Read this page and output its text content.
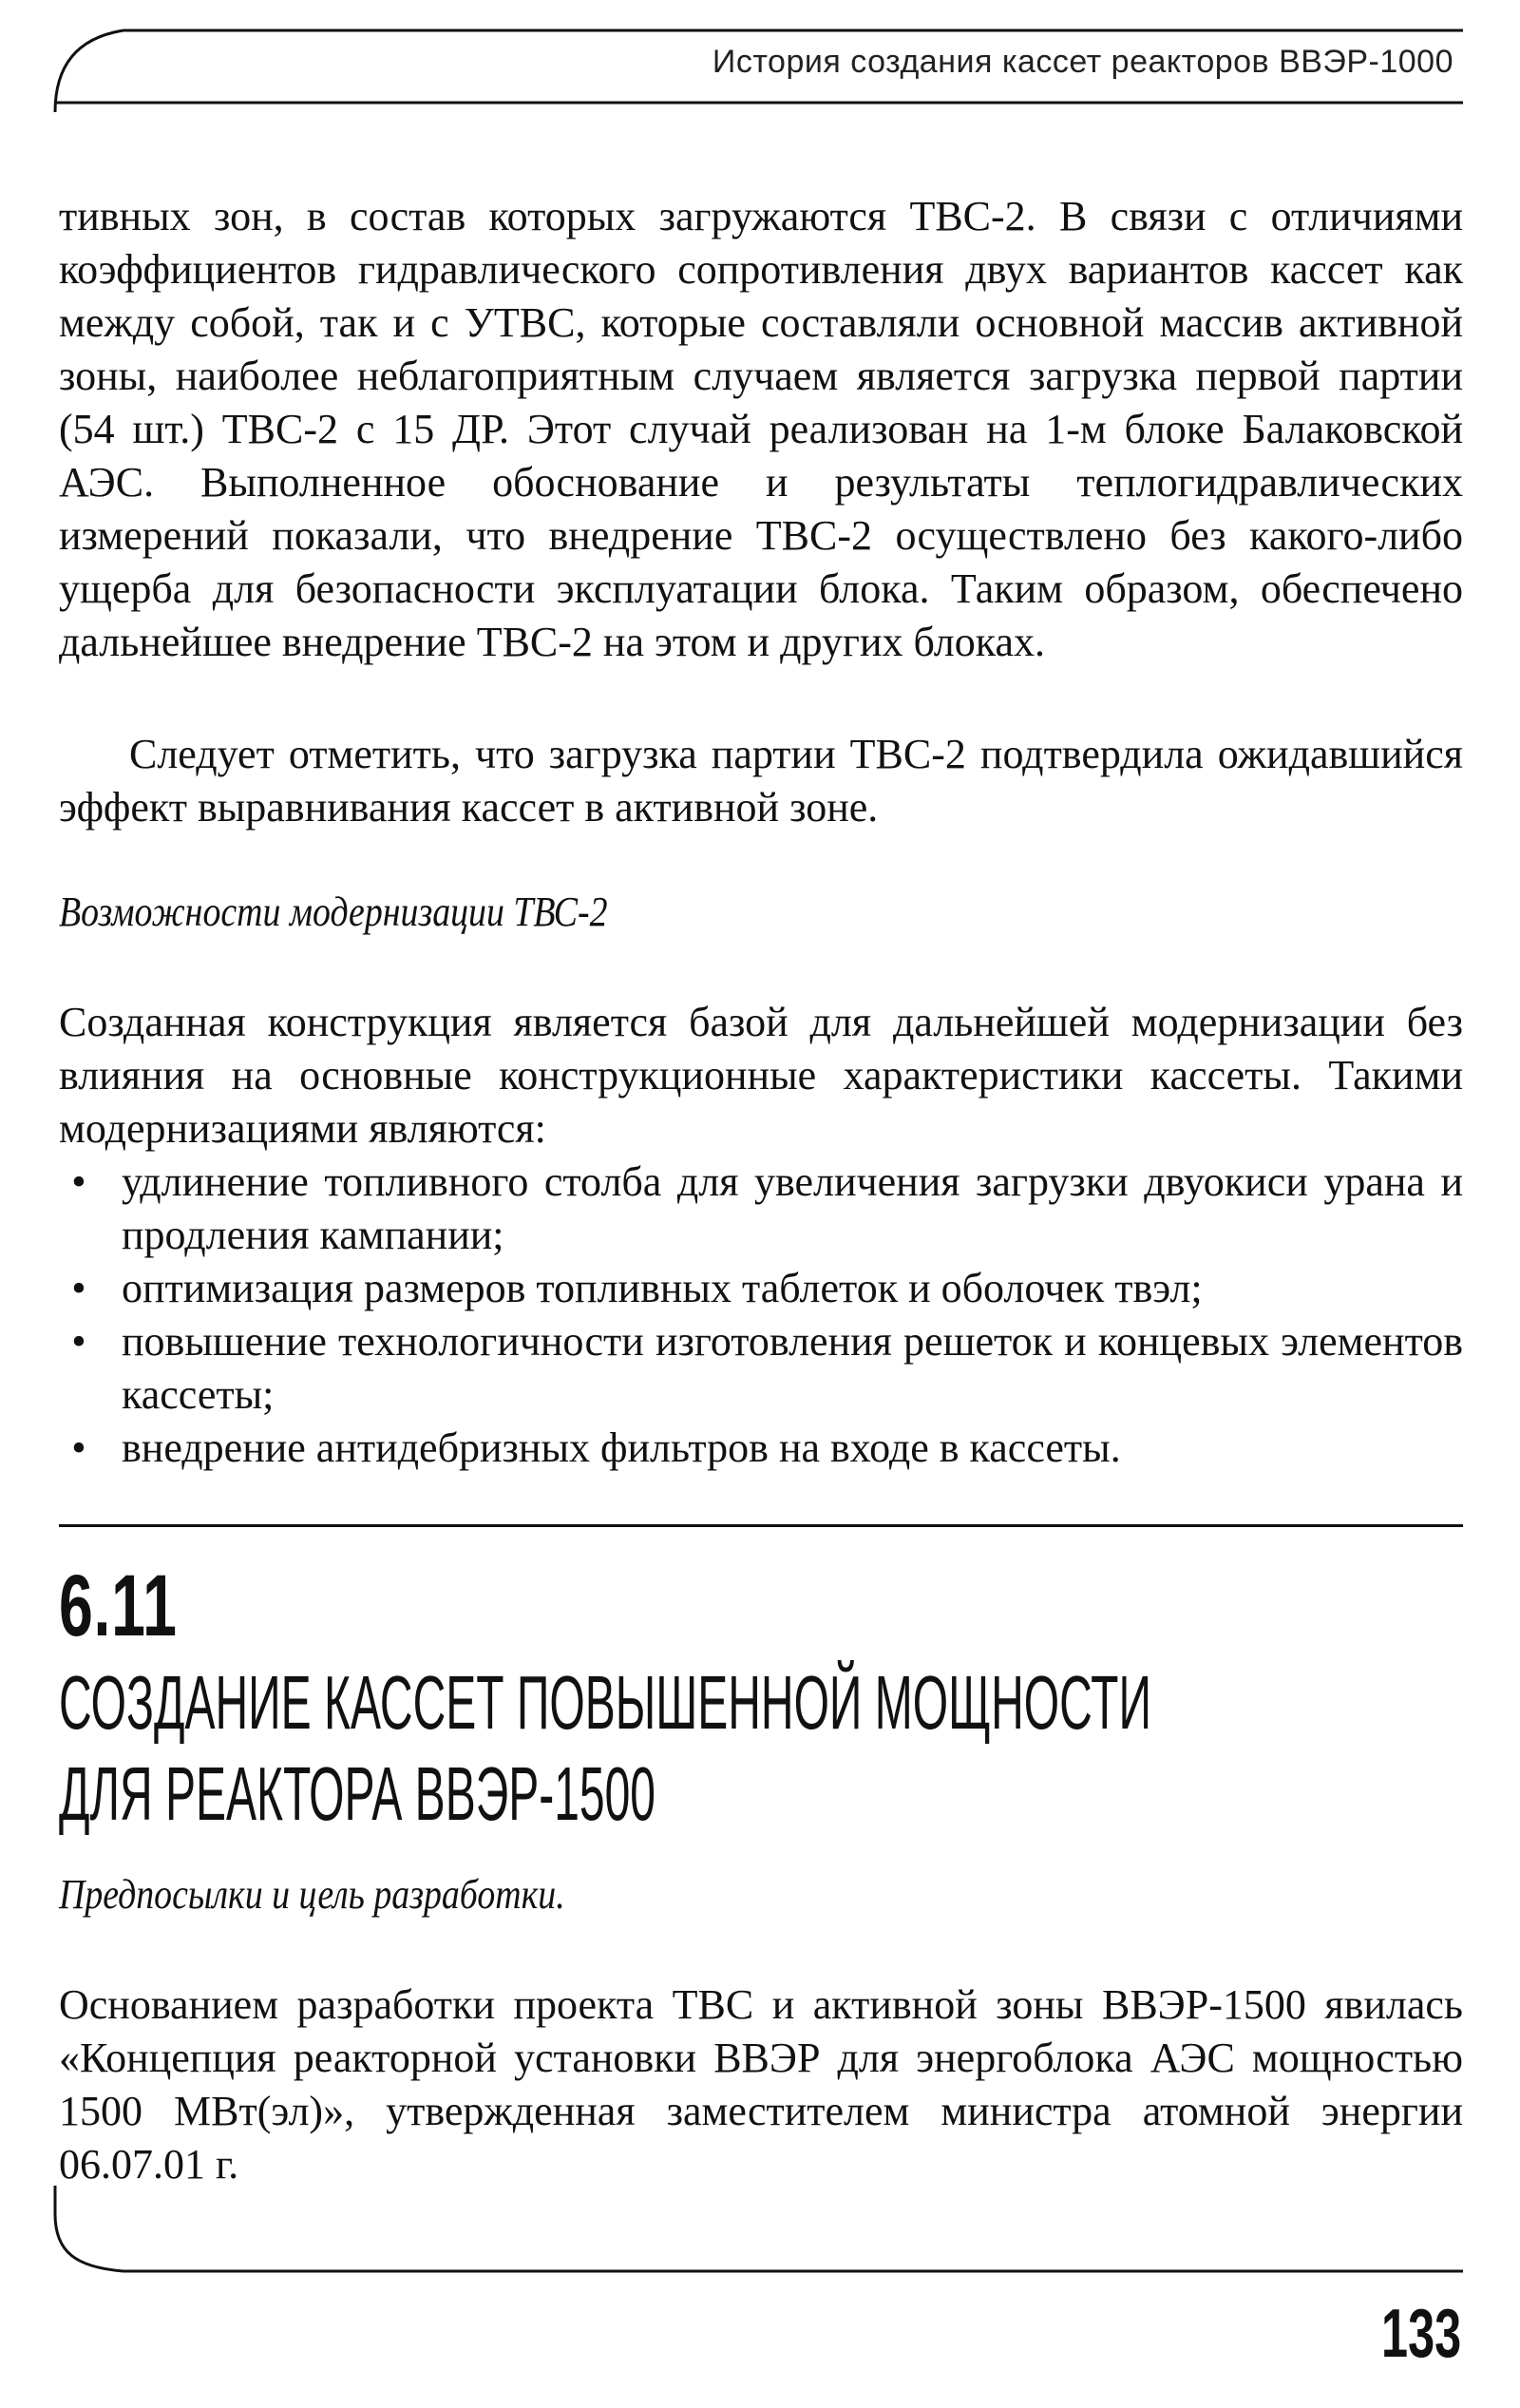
История создания кассет реакторов ВВЭР-1000

тивных зон, в состав которых загружаются ТВС-2. В связи с отличиями коэффициентов гидравлического сопротивления двух вариантов кассет как между собой, так и с УТВС, которые составляли основной массив активной зоны, наиболее неблагоприятным случаем является загрузка первой партии (54 шт.) ТВС-2 с 15 ДР. Этот случай реализован на 1-м блоке Балаковской АЭС. Выполненное обоснование и результаты теплогидравлических измерений показали, что внедрение ТВС-2 осуществлено без какого-либо ущерба для безопасности эксплуатации блока. Таким образом, обеспечено дальнейшее внедрение ТВС-2 на этом и других блоках.

Следует отметить, что загрузка партии ТВС-2 подтвердила ожидавшийся эффект выравнивания кассет в активной зоне.

Возможности модернизации ТВС-2

Созданная конструкция является базой для дальнейшей модернизации без влияния на основные конструкционные характеристики кассеты. Такими модернизациями являются:

• удлинение топливного столба для увеличения загрузки двуокиси урана и продления кампании;
• оптимизация размеров топливных таблеток и оболочек твэл;
• повышение технологичности изготовления решеток и концевых элементов кассеты;
• внедрение антидебризных фильтров на входе в кассеты.
6.11
СОЗДАНИЕ КАССЕТ ПОВЫШЕННОЙ МОЩНОСТИ
ДЛЯ РЕАКТОРА ВВЭР-1500

Предпосылки и цель разработки.

Основанием разработки проекта ТВС и активной зоны ВВЭР-1500 явилась «Концепция реакторной установки ВВЭР для энергоблока АЭС мощностью 1500 МВт(эл)», утвержденная заместителем министра атомной энергии 06.07.01 г.

133
